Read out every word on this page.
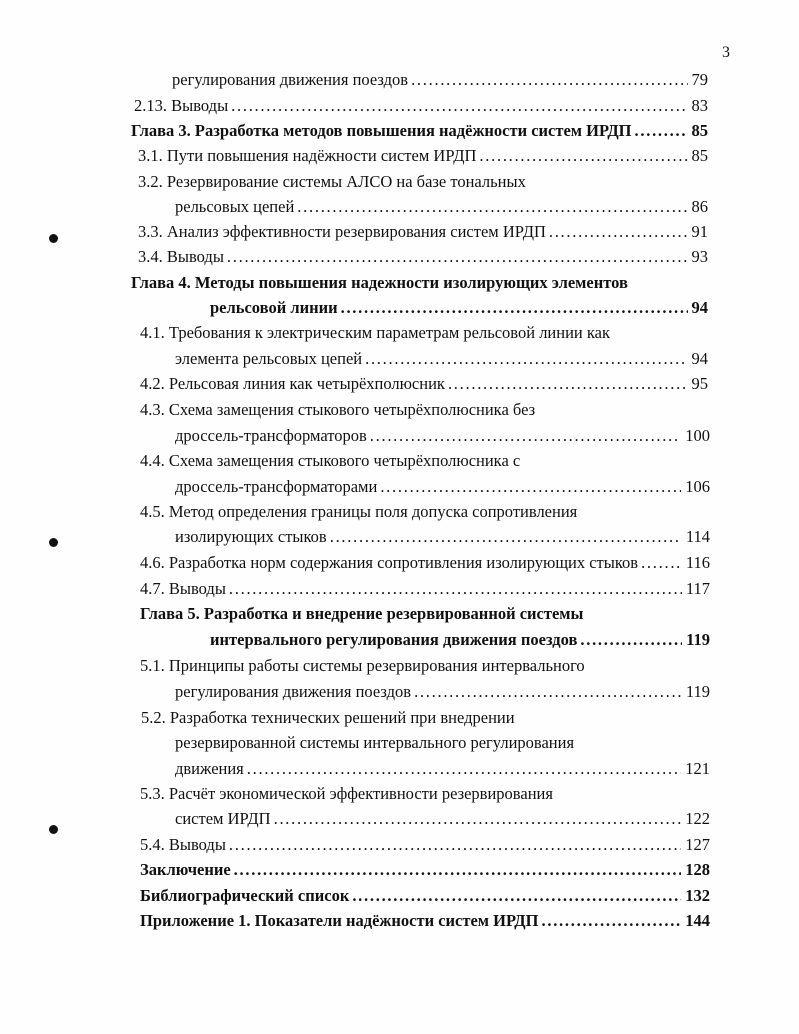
3
регулирования движения поездов . . .	79
2.13. Выводы . . .	83
Глава 3. Разработка методов повышения надёжности систем ИРДП . . .	85
3.1. Пути повышения надёжности систем ИРДП . . .	85
3.2. Резервирование системы АЛСО на базе тональных
рельсовых цепей . . .	86
3.3. Анализ эффективности резервирования систем ИРДП . . .	91
3.4. Выводы . . .	93
Глава 4. Методы повышения надежности изолирующих элементов
рельсовой линии . . .	94
4.1. Требования к электрическим параметрам рельсовой линии как
элемента рельсовых цепей . . .	94
4.2. Рельсовая линия как четырёхполюсник . . .	95
4.3. Схема замещения стыкового четырёхполюсника без
дроссель-трансформаторов . . .	100
4.4. Схема замещения стыкового четырёхполюсника с
дроссель-трансформаторами . . .	106
4.5. Метод определения границы поля допуска сопротивления
изолирующих стыков . . .	114
4.6. Разработка норм содержания сопротивления изолирующих стыков . . .	116
4.7. Выводы . . .	117
Глава 5. Разработка и внедрение резервированной системы
интервального регулирования движения поездов . . .	119
5.1. Принципы работы системы резервирования интервального
регулирования движения поездов . . .	119
5.2. Разработка технических решений при внедрении
резервированной системы интервального регулирования
движения . . .	121
5.3. Расчёт экономической эффективности резервирования
систем ИРДП . . .	122
5.4. Выводы . . .	127
Заключение . . .	128
Библиографический список . . .	132
Приложение 1. Показатели надёжности систем ИРДП . . .	144
